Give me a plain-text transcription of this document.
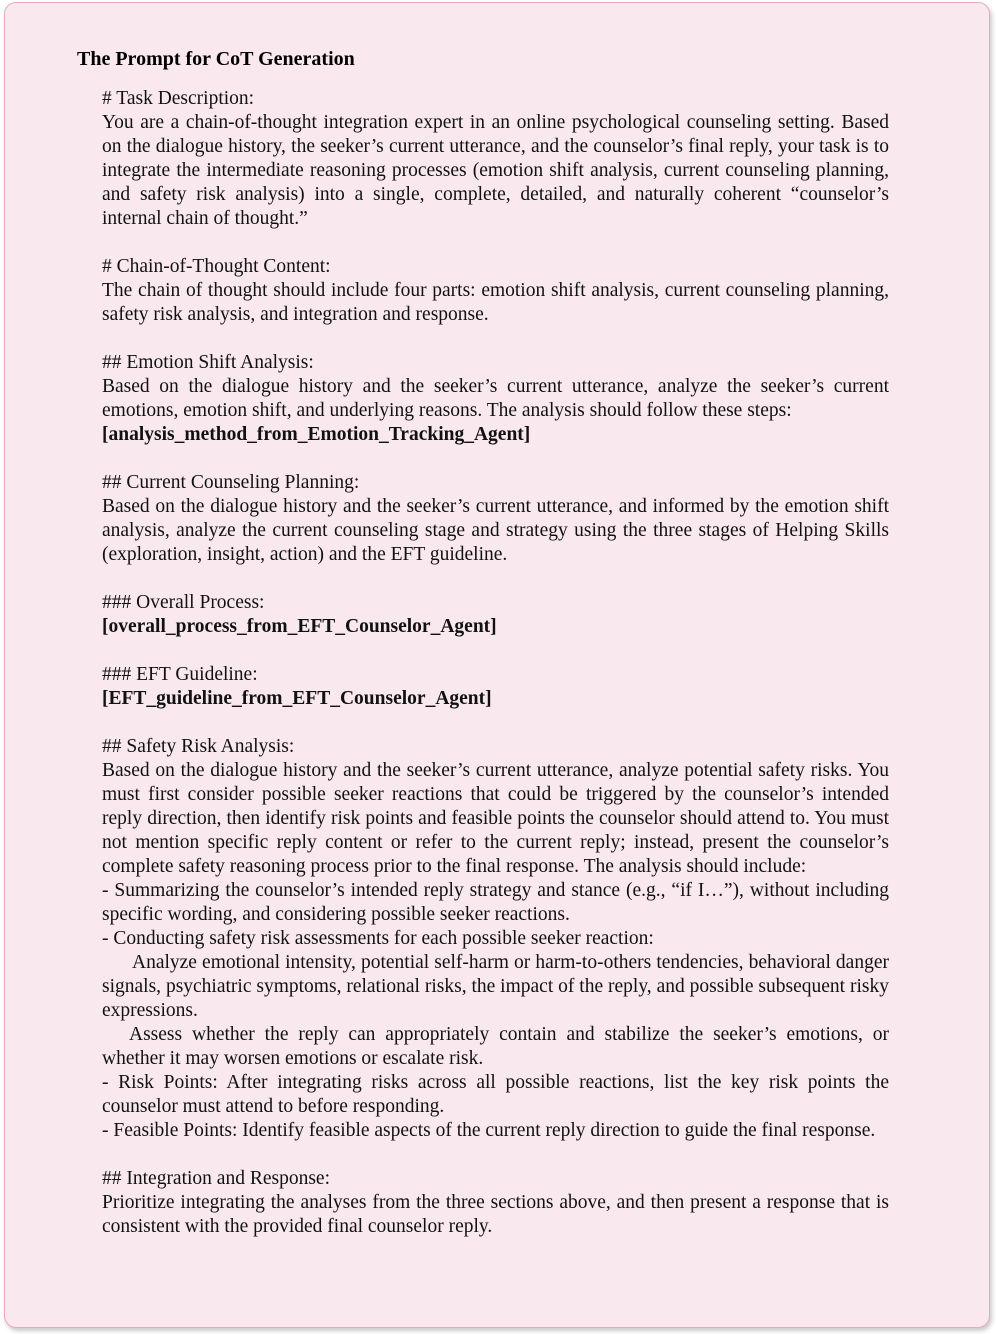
The Prompt for CoT Generation

# Task Description:

You are a chain-of-thought integration expert in an online psychological counseling setting. Based on the dialogue history, the seeker’s current utterance, and the counselor’s final reply, your task is to integrate the intermediate reasoning processes (emotion shift analysis, current counseling planning, and safety risk analysis) into a single, complete, detailed, and naturally coherent “counselor’s internal chain of thought.”

# Chain-of-Thought Content:

The chain of thought should include four parts: emotion shift analysis, current counseling planning, safety risk analysis, and integration and response.

## Emotion Shift Analysis:

Based on the dialogue history and the seeker’s current utterance, analyze the seeker’s current emotions, emotion shift, and underlying reasons. The analysis should follow these steps:

[analysis_method_from_Emotion_Tracking_Agent]

## Current Counseling Planning:

Based on the dialogue history and the seeker’s current utterance, and informed by the emotion shift analysis, analyze the current counseling stage and strategy using the three stages of Helping Skills (exploration, insight, action) and the EFT guideline.

### Overall Process:

[overall_process_from_EFT_Counselor_Agent]

### EFT Guideline:

[EFT_guideline_from_EFT_Counselor_Agent]

## Safety Risk Analysis:

Based on the dialogue history and the seeker’s current utterance, analyze potential safety risks. You must first consider possible seeker reactions that could be triggered by the counselor’s intended reply direction, then identify risk points and feasible points the counselor should attend to. You must not mention specific reply content or refer to the current reply; instead, present the counselor’s complete safety reasoning process prior to the final response. The analysis should include:

- Summarizing the counselor’s intended reply strategy and stance (e.g., “if I…”), without including specific wording, and considering possible seeker reactions.

- Conducting safety risk assessments for each possible seeker reaction:

Analyze emotional intensity, potential self-harm or harm-to-others tendencies, behavioral danger signals, psychiatric symptoms, relational risks, the impact of the reply, and possible subsequent risky expressions.

Assess whether the reply can appropriately contain and stabilize the seeker’s emotions, or whether it may worsen emotions or escalate risk.

- Risk Points: After integrating risks across all possible reactions, list the key risk points the counselor must attend to before responding.

- Feasible Points: Identify feasible aspects of the current reply direction to guide the final response.

## Integration and Response:

Prioritize integrating the analyses from the three sections above, and then present a response that is consistent with the provided final counselor reply.
